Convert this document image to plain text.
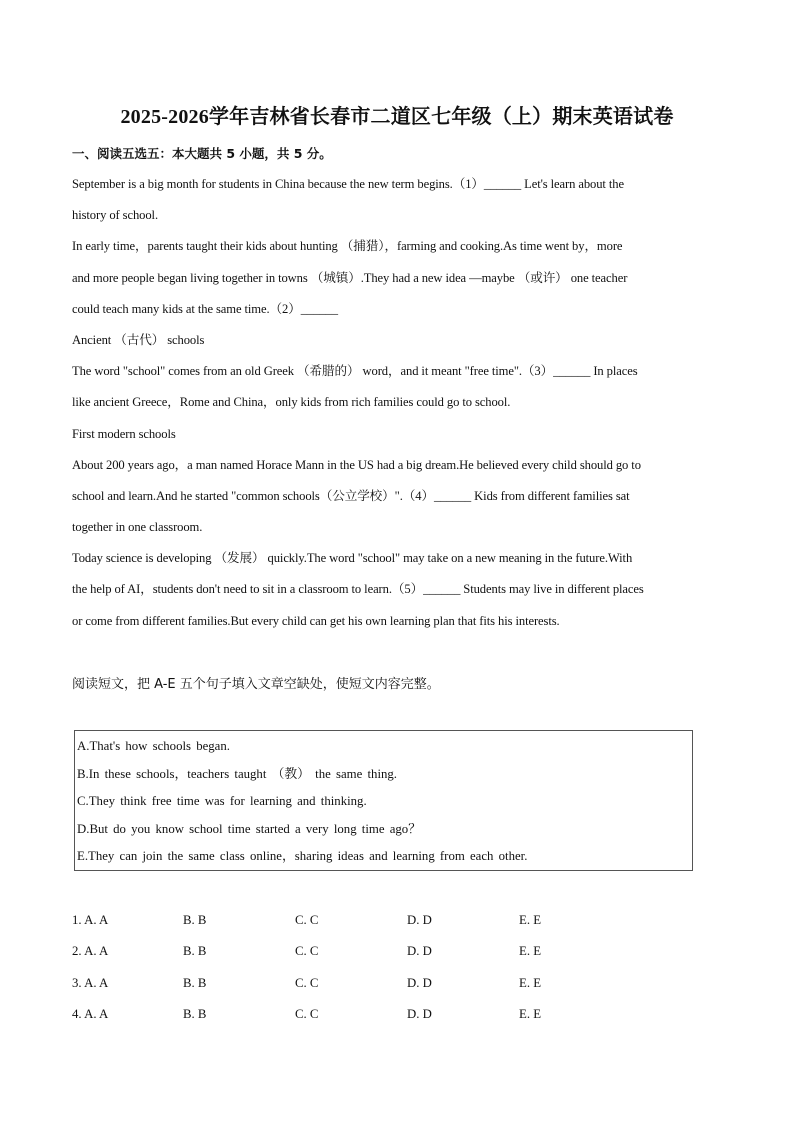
2025-2026学年吉林省长春市二道区七年级（上）期末英语试卷
一、阅读五选五：本大题共 5 小题，共 5 分。
September is a big month for students in China because the new term begins.（1）______ Let's learn about the
history of school.
In early time，parents taught their kids about hunting （捕猎），farming and cooking.As time went by，more
and more people began living together in towns （城镇）.They had a new idea —maybe （或许） one teacher
could teach many kids at the same time.（2）______
Ancient （古代） schools
The word "school" comes from an old Greek （希腊的） word，and it meant "free time".（3）______ In places
like ancient Greece，Rome and China，only kids from rich families could go to school.
First modern schools
About 200 years ago，a man named Horace Mann in the US had a big dream.He believed every child should go to
school and learn.And he started "common schools（公立学校）".（4）______ Kids from different families sat
together in one classroom.
Today science is developing （发展） quickly.The word "school" may take on a new meaning in the future.With
the help of AI，students don't need to sit in a classroom to learn.（5）______ Students may live in different places
or come from different families.But every child can get his own learning plan that fits his interests.
阅读短文，把 A-E 五个句子填入文章空缺处，使短文内容完整。
A.That's how schools began.
B.In these schools，teachers taught （教） the same thing.
C.They think free time was for learning and thinking.
D.But do you know school time started a very long time ago？
E.They can join the same class online，sharing ideas and learning from each other.
1. A. A	B. B	C. C	D. D	E. E
2. A. A	B. B	C. C	D. D	E. E
3. A. A	B. B	C. C	D. D	E. E
4. A. A	B. B	C. C	D. D	E. E
